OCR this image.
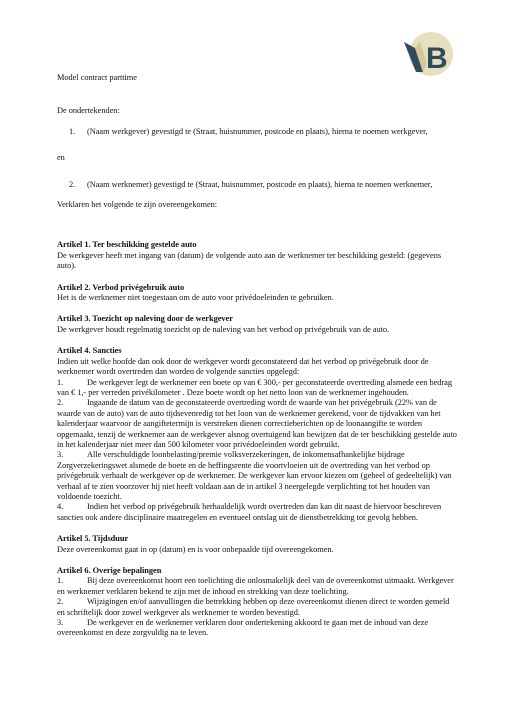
B

Model contract parttime

De ondertekenden:

1.	(Naam werkgever) gevestigd te (Straat, huisnummer, postcode en plaats), hierna te noemen werkgever,

en

2.	(Naam werknemer) gevestigd te (Straat, huisnummer, postcode en plaats), hierna te noemen werknemer,

Verklaren het volgende te zijn overeengekomen:

Artikel 1. Ter beschikking gestelde auto

De werkgever heeft met ingang van (datum) de volgende auto aan de werknemer ter beschikking gesteld: (gegevens auto).

Artikel 2. Verbod privégebruik auto

Het is de werknemer niet toegestaan om de auto voor privédoeleinden te gebruiken.

Artikel 3. Toezicht op naleving door de werkgever

De werkgever houdt regelmatig toezicht op de naleving van het verbod op privégebruik van de auto.

Artikel 4. Sancties

Indien uit welke hoofde dan ook door de werkgever wordt geconstateerd dat het verbod op privégebruik door de werknemer wordt overtreden dan worden de volgende sancties opgelegd:

1.	De werkgever legt de werknemer een boete op van € 300,- per geconstateerde overtreding alsmede een bedrag van € 1,- per verreden privékilometer . Deze boete wordt op het netto loon van de werknemer ingehouden.

2.	Ingaande de datum van de geconstateerde overtreding wordt de waarde van het privégebruik (22% van de waarde van de auto) van de auto tijdsevenredig tot het loon van de werknemer gerekend, voor de tijdvakken van het kalenderjaar waarvoor de aangiftetermijn is verstreken dienen correctieberichten op de loonaangifte te worden opgemaakt, tenzij de werknemer aan de werkgever alsnog overtuigend kan bewijzen dat de ter beschikking gestelde auto in het kalenderjaar niet meer dan 500 kilometer voor privédoeleinden wordt gebruikt.

3.	Alle verschuldigde loonbelasting/premie volksverzekeringen, de inkomensafhankelijke bijdrage Zorgverzekeringswet alsmede de boete en de heffingsrente die voortvloeien uit de overtreding van het verbod op privégebruik verhaalt de werkgever op de werknemer. De werkgever kan ervoor kiezen om (geheel of gedeeltelijk) van verhaal af te zien voorzover hij niet heeft voldaan aan de in artikel 3 neergelegde verplichting tot het houden van voldoende toezicht.

4.	Indien het verbod op privégebruik herhaaldelijk wordt overtreden dan kan dit naast de hiervoor beschreven sancties ook andere disciplinaire maatregelen en eventueel ontslag uit de dienstbetrekking tot gevolg hebben.

Artikel 5. Tijdsduur

Deze overeenkomst gaat in op (datum) en is voor onbepaalde tijd overeengekomen.

Artikel 6. Overige bepalingen

1.	Bij deze overeenkomst hoort een toelichting die onlosmakelijk deel van de overeenkomst uitmaakt. Werkgever en werknemer verklaren bekend te zijn met de inhoud en strekking van deze toelichting.

2.	Wijzigingen en/of aanvullingen die betrekking hebben op deze overeenkomst dienen direct te worden gemeld en schriftelijk door zowel werkgever als werknemer te worden bevestigd.

3.	De werkgever en de werknemer verklaren door ondertekening akkoord te gaan met de inhoud van deze overeenkomst en deze zorgvuldig na te leven.
